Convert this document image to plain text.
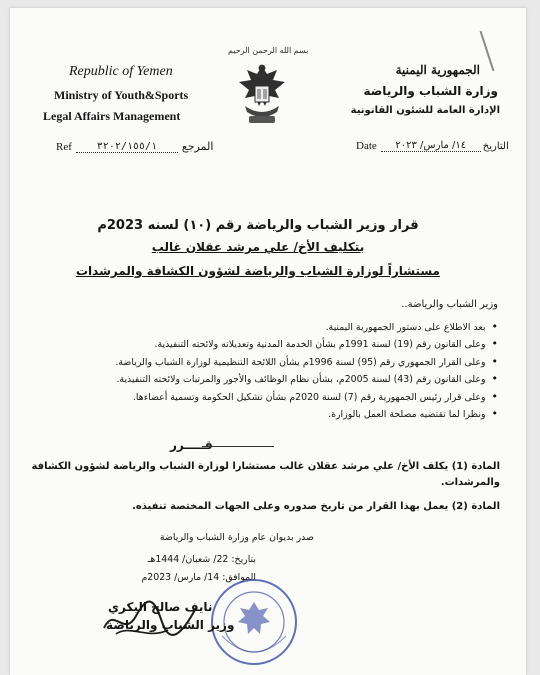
Republic of Yemen
Ministry of Youth&Sports
Legal Affairs Management
بسم الله الرحمن الرحيم
الجمهورية اليمنية
وزارة الشباب والرياضة
الإدارة العامة للشئون القانونية
Ref	٣٢٠٢/١٥٥/١	المرجع	Date	١٤/ مارس/ ٢٠٢٣	التاريخ
قرار وزير الشباب والرياضة رقم (١٠) لسنه 2023م
بتكليف الأخ/ علي مرشد عقلان غالب
مستشاراً لوزارة الشباب والرياضة لشؤون الكشافة والمرشدات
وزير الشباب والرياضة..
• بعد الاطلاع على دستور الجمهورية اليمنية.
• وعلى القانون رقم (19) لسنة 1991م بشأن الخدمة المدنية وتعديلاته ولائحته التنفيذية.
• وعلى القرار الجمهوري رقم (95) لسنة 1996م بشأن اللائحة التنظيمية لوزارة الشباب والرياضة.
• وعلى القانون رقم (43) لسنة 2005م، بشأن نظام الوظائف والأجور والمرتبات ولائحته التنفيذية.
• وعلى قرار رئيس الجمهورية رقم (7) لسنة 2020م بشأن تشكيل الحكومة وتسمية أعضاءها.
• ونظرا لما تقتضيه مصلحة العمل بالوزارة.
قـــــرر
المادة (1) يكلف الأخ/ علي مرشد عقلان غالب مستشارا لوزارة الشباب والرياضة لشؤون الكشافة والمرشدات.
المادة (2) يعمل بهذا القرار من تاريخ صدوره وعلى الجهات المختصة تنفيذه.
صدر بديوان عام وزارة الشباب والرياضة
بتاريخ: 22/ شعبان/ 1444هـ
الموافق: 14/ مارس/ 2023م
نايف صالح البكري
وزير الشباب والرياضة
